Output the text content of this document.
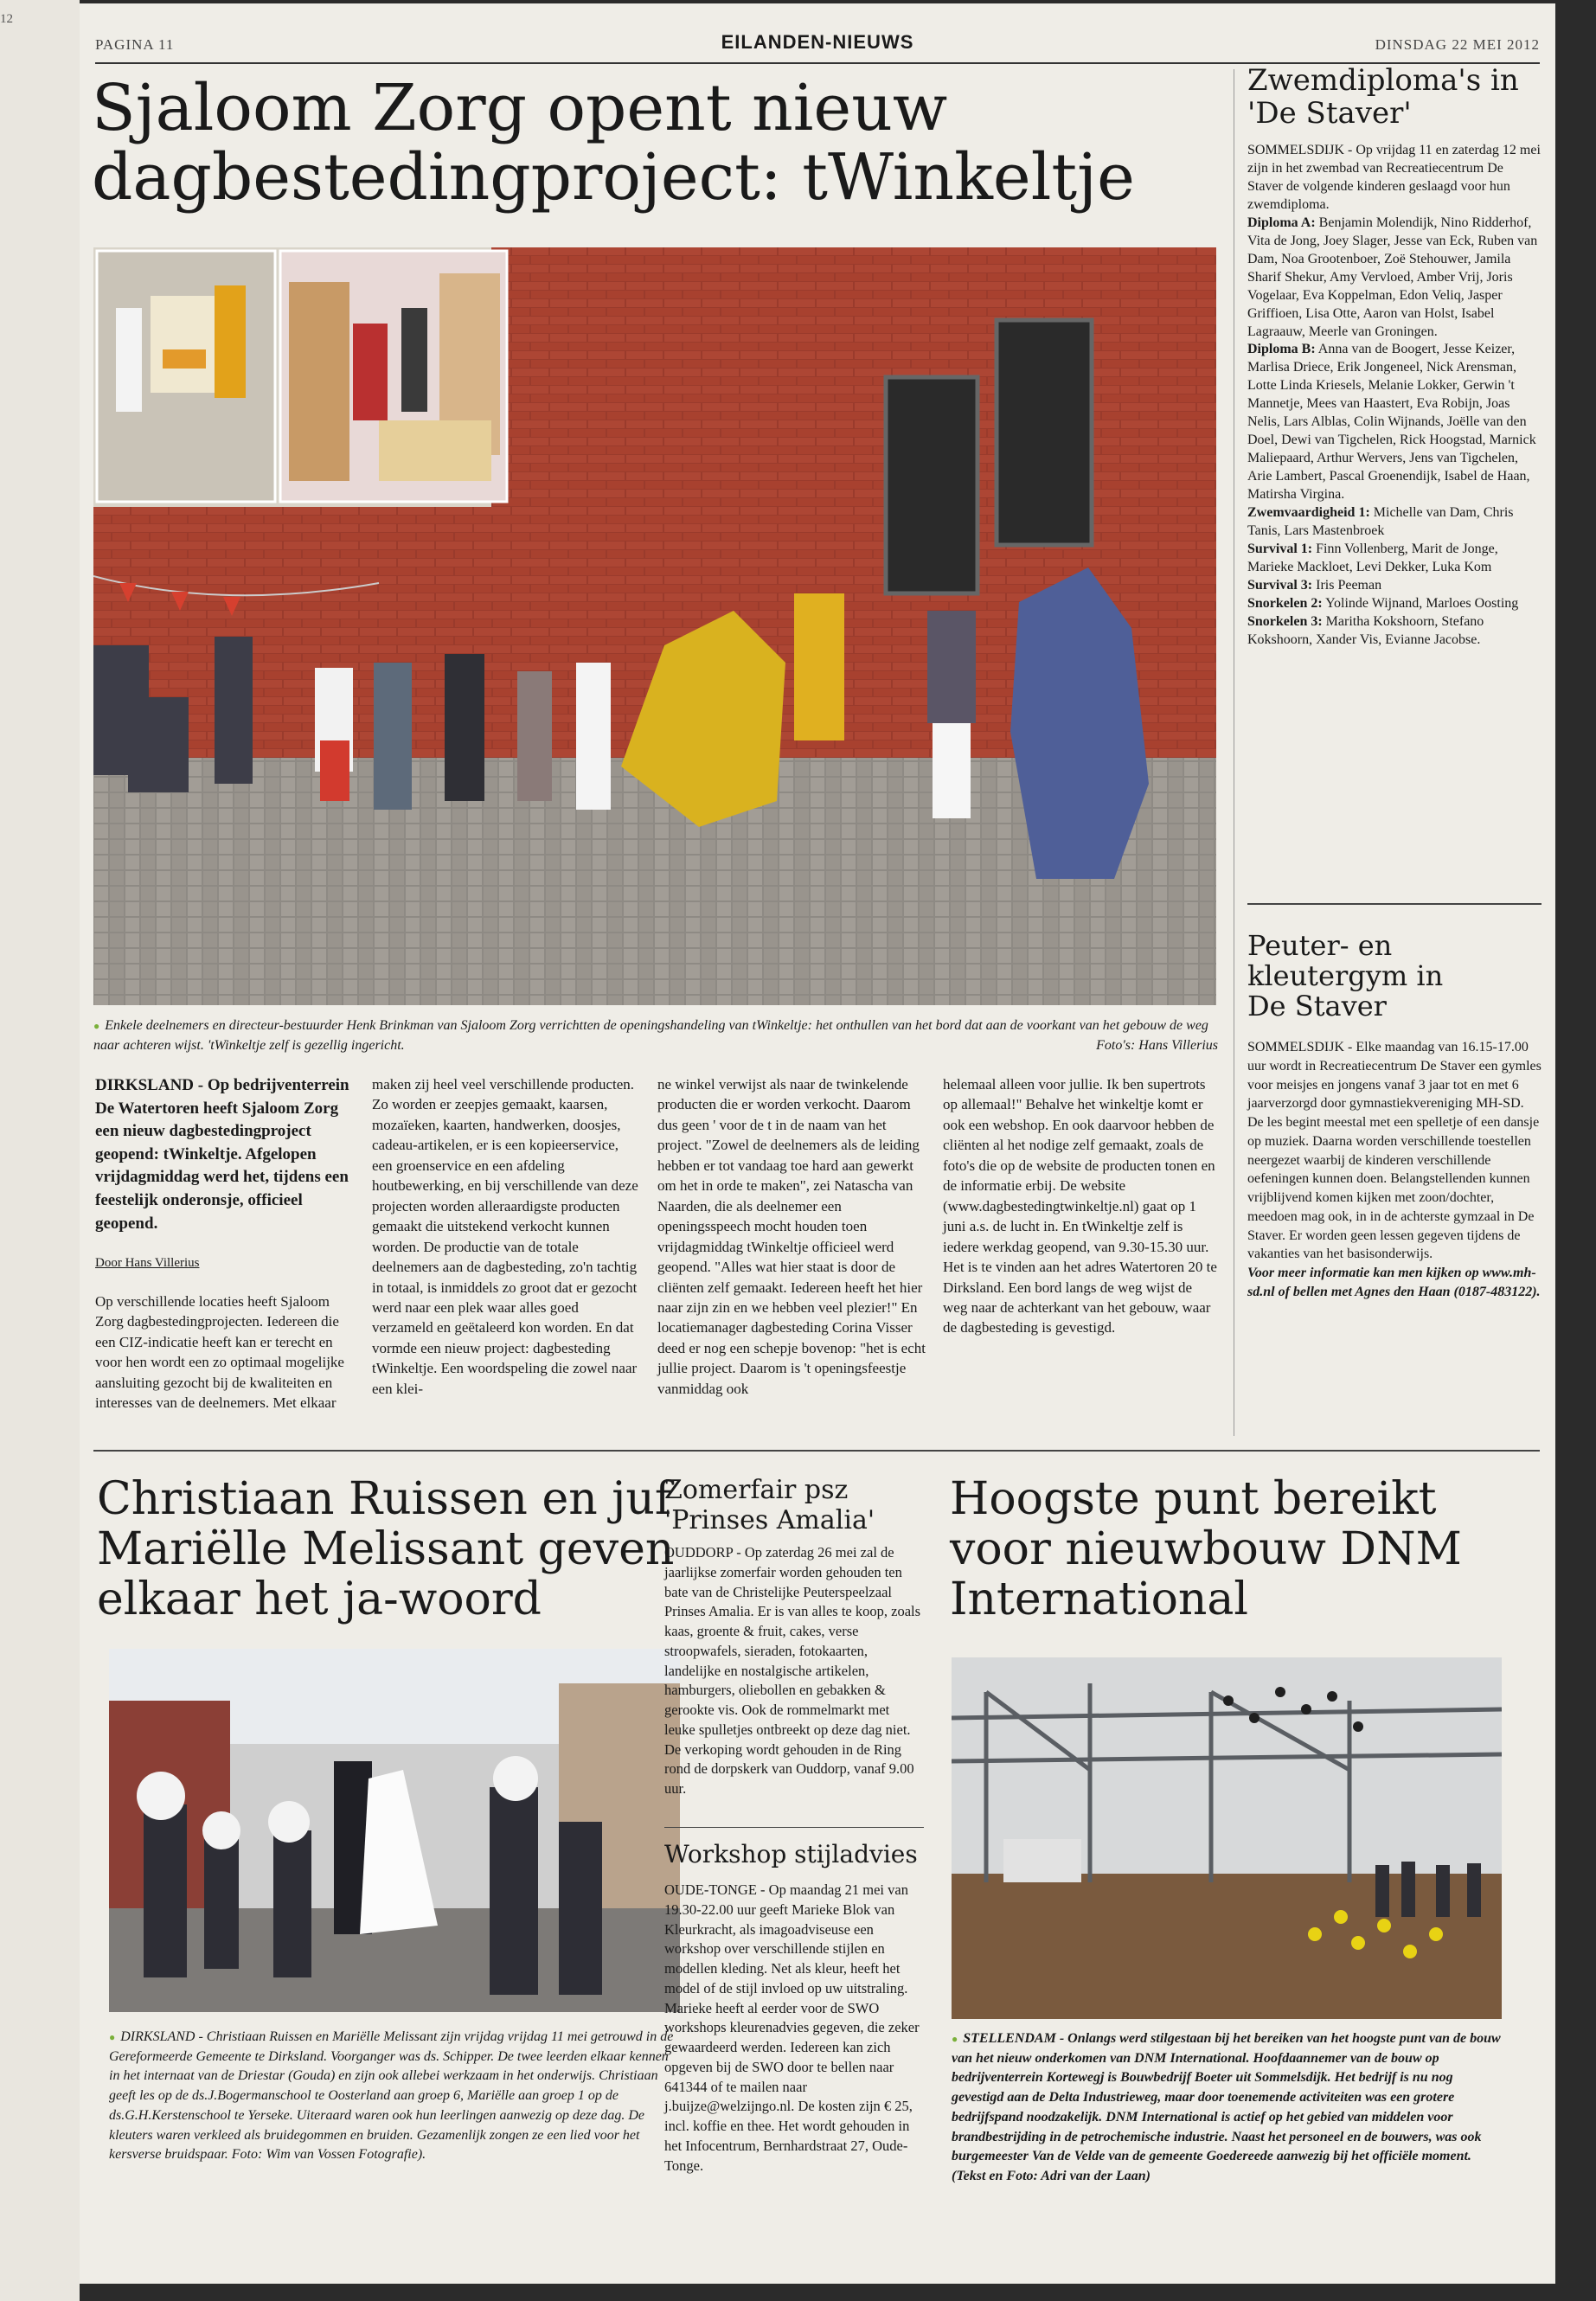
12
PAGINA 11	EILANDEN-NIEUWS	DINSDAG 22 MEI 2012
Sjaloom Zorg opent nieuw
dagbestedingproject: tWinkeltje
● Enkele deelnemers en directeur-bestuurder Henk Brinkman van Sjaloom Zorg verrichtten de openingshandeling van tWinkeltje: het onthullen van het bord dat aan de voorkant van het gebouw de weg naar achteren wijst. 'tWinkeltje zelf is gezellig ingericht.	Foto's: Hans Villerius

DIRKSLAND - Op bedrijventerrein De Watertoren heeft Sjaloom Zorg een nieuw dagbestedingproject geopend: tWinkeltje. Afgelopen vrijdagmiddag werd het, tijdens een feestelijk onderonsje, officieel geopend.

Door Hans Villerius

Op verschillende locaties heeft Sjaloom Zorg dagbestedingprojecten. Iedereen die een CIZ-indicatie heeft kan er terecht en voor hen wordt een zo optimaal mogelijke aansluiting gezocht bij de kwaliteiten en interesses van de deelnemers. Met elkaar

maken zij heel veel verschillende producten. Zo worden er zeepjes gemaakt, kaarsen, mozaïeken, kaarten, handwerken, doosjes, cadeau-artikelen, er is een kopieerservice, een groenservice en een afdeling houtbewerking, en bij verschillende van deze projecten worden alleraardigste producten gemaakt die uitstekend verkocht kunnen worden. De productie van de totale deelnemers aan de dagbesteding, zo'n tachtig in totaal, is inmiddels zo groot dat er gezocht werd naar een plek waar alles goed verzameld en geëtaleerd kon worden. En dat vormde een nieuw project: dagbesteding tWinkeltje. Een woordspeling die zowel naar een klei-

ne winkel verwijst als naar de twinkelende producten die er worden verkocht. Daarom dus geen ' voor de t in de naam van het project. "Zowel de deelnemers als de leiding hebben er tot vandaag toe hard aan gewerkt om het in orde te maken", zei Natascha van Naarden, die als deelnemer een openingsspeech mocht houden toen vrijdagmiddag tWinkeltje officieel werd geopend. "Alles wat hier staat is door de cliënten zelf gemaakt. Iedereen heeft het hier naar zijn zin en we hebben veel plezier!" En locatiemanager dagbesteding Corina Visser deed er nog een schepje bovenop: "het is echt jullie project. Daarom is 't openingsfeestje vanmiddag ook

helemaal alleen voor jullie. Ik ben supertrots op allemaal!" Behalve het winkeltje komt er ook een webshop. En ook daarvoor hebben de cliënten al het nodige zelf gemaakt, zoals de foto's die op de website de producten tonen en de informatie erbij. De website (www.dagbestedingtwinkeltje.nl) gaat op 1 juni a.s. de lucht in. En tWinkeltje zelf is iedere werkdag geopend, van 9.30-15.30 uur. Het is te vinden aan het adres Watertoren 20 te Dirksland. Een bord langs de weg wijst de weg naar de achterkant van het gebouw, waar de dagbesteding is gevestigd.

Zwemdiploma's in
'De Staver'

SOMMELSDIJK - Op vrijdag 11 en zaterdag 12 mei zijn in het zwembad van Recreatiecentrum De Staver de volgende kinderen geslaagd voor hun zwemdiploma.

Diploma A: Benjamin Molendijk, Nino Ridderhof, Vita de Jong, Joey Slager, Jesse van Eck, Ruben van Dam, Noa Grootenboer, Zoë Stehouwer, Jamila Sharif Shekur, Amy Vervloed, Amber Vrij, Joris Vogelaar, Eva Koppelman, Edon Veliq, Jasper Griffioen, Lisa Otte, Aaron van Holst, Isabel Lagraauw, Meerle van Groningen.

Diploma B: Anna van de Boogert, Jesse Keizer, Marlisa Driece, Erik Jongeneel, Nick Arensman, Lotte Linda Kriesels, Melanie Lokker, Gerwin 't Mannetje, Mees van Haastert, Eva Robijn, Joas Nelis, Lars Alblas, Colin Wijnands, Joëlle van den Doel, Dewi van Tigchelen, Rick Hoogstad, Marnick Maliepaard, Arthur Wervers, Jens van Tigchelen, Arie Lambert, Pascal Groenendijk, Isabel de Haan, Matirsha Virgina.

Zwemvaardigheid 1: Michelle van Dam, Chris Tanis, Lars Mastenbroek

Survival 1: Finn Vollenberg, Marit de Jonge, Marieke Mackloet, Levi Dekker, Luka Kom

Survival 3: Iris Peeman

Snorkelen 2: Yolinde Wijnand, Marloes Oosting

Snorkelen 3: Maritha Kokshoorn, Stefano Kokshoorn, Xander Vis, Evianne Jacobse.

Peuter- en
kleutergym in
De Staver

SOMMELSDIJK - Elke maandag van 16.15-17.00 uur wordt in Recreatiecentrum De Staver een gymles voor meisjes en jongens vanaf 3 jaar tot en met 6 jaarverzorgd door gymnastiekvereniging MH-SD. De les begint meestal met een spelletje of een dansje op muziek. Daarna worden verschillende toestellen neergezet waarbij de kinderen verschillende oefeningen kunnen doen. Belangstellenden kunnen vrijblijvend komen kijken met zoon/dochter, meedoen mag ook, in in de achterste gymzaal in De Staver. Er worden geen lessen gegeven tijdens de vakanties van het basisonderwijs.

Voor meer informatie kan men kijken op www.mh-sd.nl of bellen met Agnes den Haan (0187-483122).

Christiaan Ruissen en juf
Mariëlle Melissant geven
elkaar het ja-woord
● DIRKSLAND - Christiaan Ruissen en Mariëlle Melissant zijn vrijdag vrijdag 11 mei getrouwd in de Gereformeerde Gemeente te Dirksland. Voorganger was ds. Schipper. De twee leerden elkaar kennen in het internaat van de Driestar (Gouda) en zijn ook allebei werkzaam in het onderwijs. Christiaan geeft les op de ds.J.Bogermanschool te Oosterland aan groep 6, Mariëlle aan groep 1 op de ds.G.H.Kerstenschool te Yerseke. Uiteraard waren ook hun leerlingen aanwezig op deze dag. De kleuters waren verkleed als bruidegommen en bruiden. Gezamenlijk zongen ze een lied voor het kersverse bruidspaar. Foto: Wim van Vossen Fotografie).
Zomerfair psz
'Prinses Amalia'

OUDDORP - Op zaterdag 26 mei zal de jaarlijkse zomerfair worden gehouden ten bate van de Christelijke Peuterspeelzaal Prinses Amalia. Er is van alles te koop, zoals kaas, groente & fruit, cakes, verse stroopwafels, sieraden, fotokaarten, landelijke en nostalgische artikelen, hamburgers, oliebollen en gebakken & gerookte vis. Ook de rommelmarkt met leuke spulletjes ontbreekt op deze dag niet. De verkoping wordt gehouden in de Ring rond de dorpskerk van Ouddorp, vanaf 9.00 uur.

Workshop stijladvies

OUDE-TONGE - Op maandag 21 mei van 19.30-22.00 uur geeft Marieke Blok van Kleurkracht, als imagoadviseuse een workshop over verschillende stijlen en modellen kleding. Net als kleur, heeft het model of de stijl invloed op uw uitstraling. Marieke heeft al eerder voor de SWO workshops kleurenadvies gegeven, die zeker gewaardeerd werden. Iedereen kan zich opgeven bij de SWO door te bellen naar 641344 of te mailen naar j.buijze@welzijngo.nl. De kosten zijn € 25, incl. koffie en thee. Het wordt gehouden in het Infocentrum, Bernhardstraat 27, Oude-Tonge.

Hoogste punt bereikt
voor nieuwbouw DNM
International
● STELLENDAM - Onlangs werd stilgestaan bij het bereiken van het hoogste punt van de bouw van het nieuw onderkomen van DNM International. Hoofdaannemer van de bouw op bedrijventerrein Kortewegj is Bouwbedrijf Boeter uit Sommelsdijk. Het bedrijf is nu nog gevestigd aan de Delta Industrieweg, maar door toenemende activiteiten was een grotere bedrijfspand noodzakelijk. DNM International is actief op het gebied van middelen voor brandbestrijding in de petrochemische industrie. Naast het personeel en de bouwers, was ook burgemeester Van de Velde van de gemeente Goedereede aanwezig bij het officiële moment. (Tekst en Foto: Adri van der Laan)
